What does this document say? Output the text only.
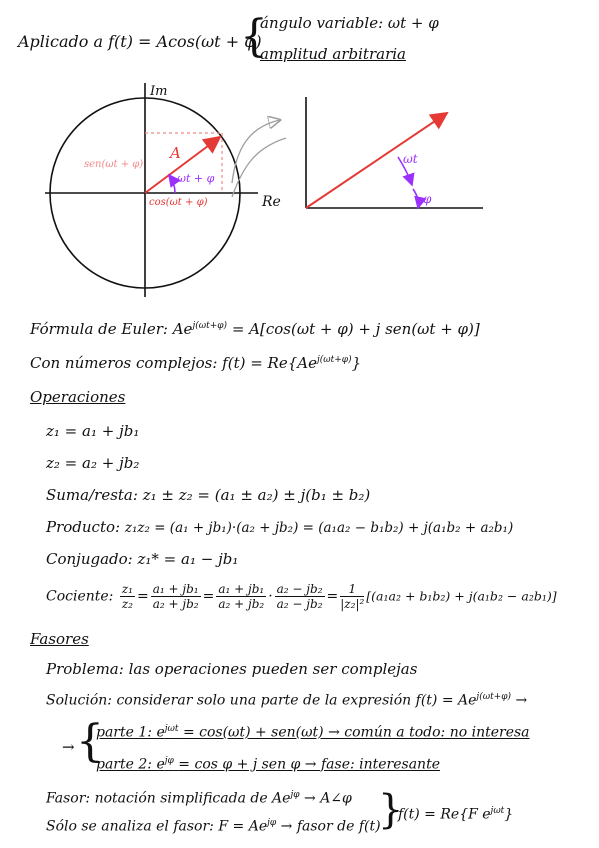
Aplicado a f(t) = Acos(ωt + φ)
{
ángulo variable: ωt + φ
amplitud arbitraria
Im
Re
A
ωt + φ
sen(ωt + φ)
cos(ωt + φ)
ωt
φ
Fórmula de Euler: $Ae^{j(\omega t+\varphi)} = A[\cos(\omega t + \varphi) + j$ sen(ωt + φ)]
Con números complejos: $f(t) = Re\{Ae^{j(\omega t+\varphi)}\}$
Operaciones
z₁ = a₁ + jb₁
z₂ = a₂ + jb₂
Suma/resta: z₁ ± z₂ = (a₁ ± a₂) ± j(b₁ ± b₂)
Producto: z₁z₂ = (a₁ + jb₁)·(a₂ + jb₂) = (a₁a₂ − b₁b₂) + j(a₁b₂ + a₂b₁)
Conjugado: z₁* = a₁ − jb₁
Cociente: $\frac{\text{z₁}}{\text{z₂}} = \frac{\text{a₁ + jb₁}}{\text{a₂ + jb₂}} = \frac{\text{a₁ + jb₁}}{\text{a₂ + jb₂}} \cdot \frac{\text{a₂ − jb₂}}{\text{a₂ − jb₂}} = \frac{1}{\text{|z₂|²}} [(a_1a_2 + b_1b_2) + j(a_1b_2 - a_2b_1)]$
Fasores
Problema: las operaciones pueden ser complejas
Solución: considerar solo una parte de la expresión $f(t) = Ae^{j(\omega t+\varphi)}$ →
→ {
parte 1: $e^{j\omega t} = \cos(\omega t) + sen(\omega t)$ → común a todo: no interesa
parte 2: $e^{j\varphi} = \cos \varphi + j$ sen φ → fase: interesante
Fasor: notación simplificada de $Ae^{j\varphi}$ → A∠φ
Sólo se analiza el fasor: $F = Ae^{j\varphi}$ → fasor de f(t)
}
f(t) = Re{F $e^{j\omega t}$}
